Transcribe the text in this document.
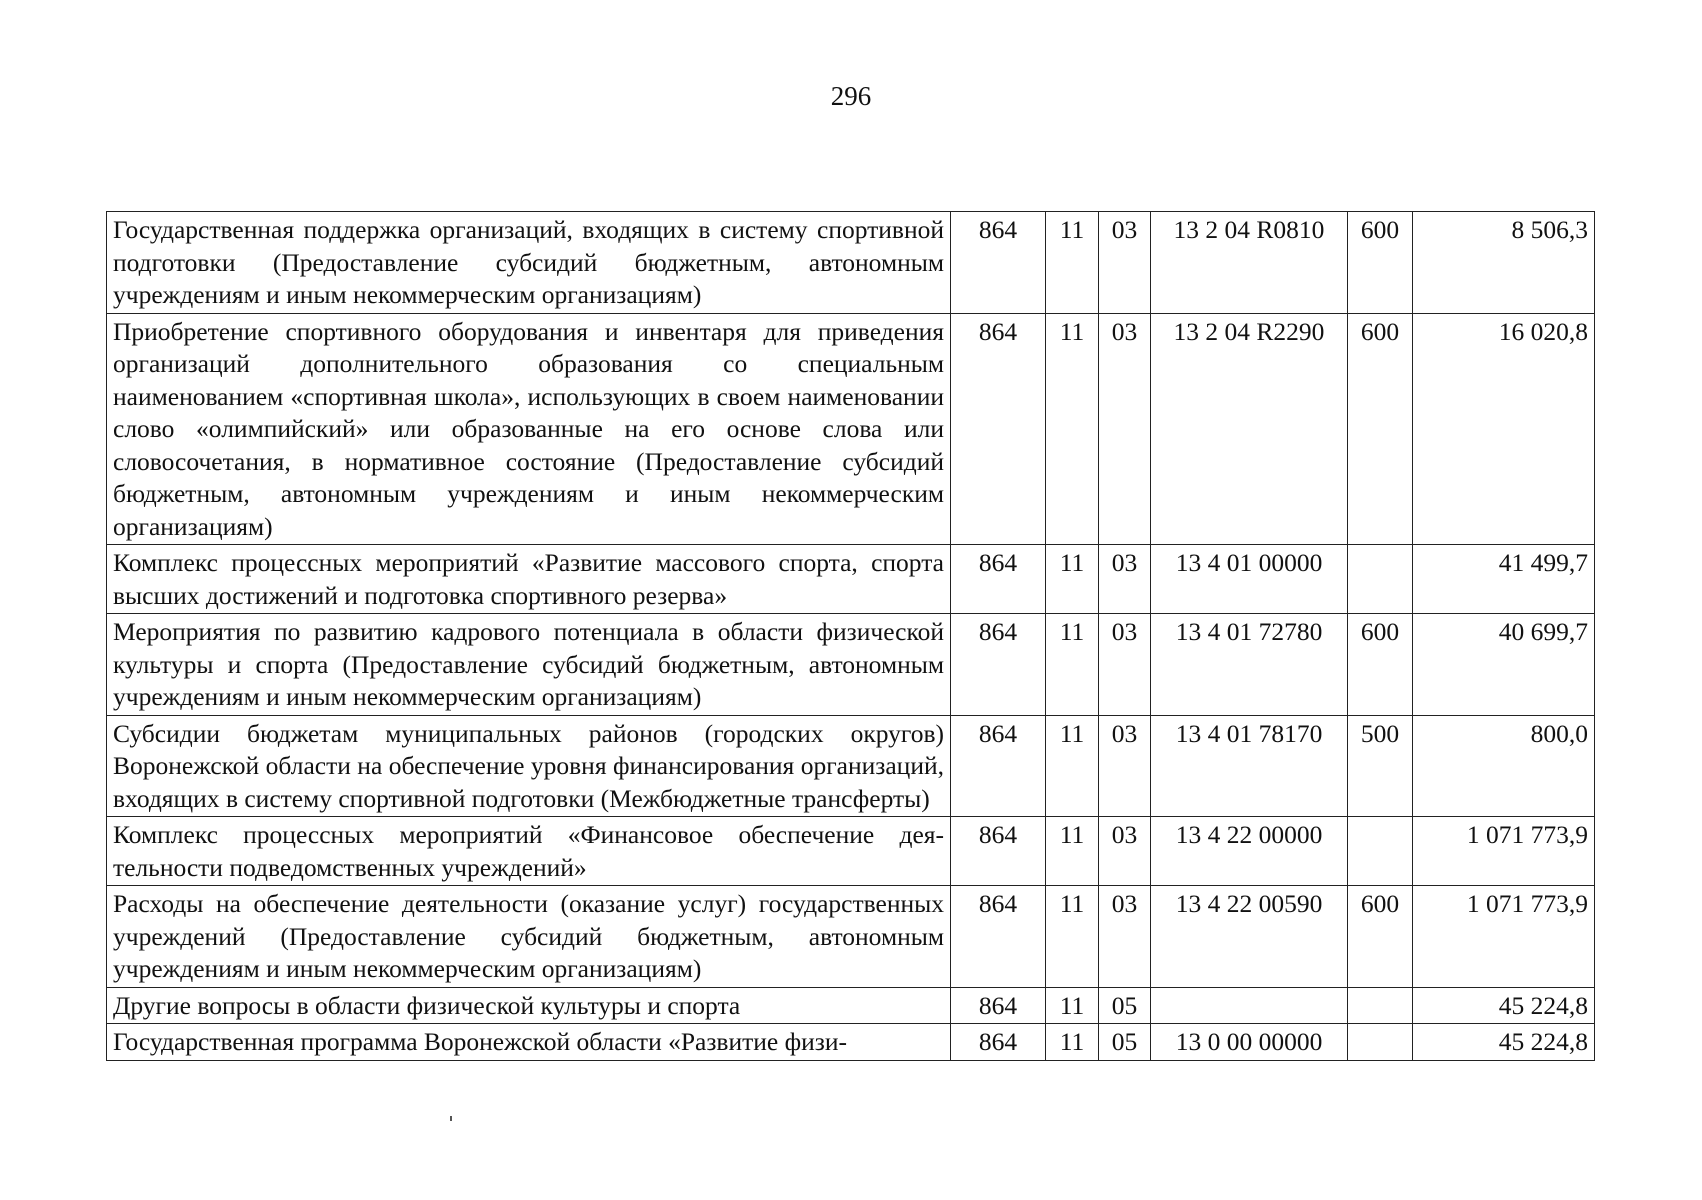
296
Государственная поддержка организаций, входящих в систему спортивной подготовки (Предоставление субсидий бюджетным, автономным учреждениям и иным некоммерческим организациям)	864	11	03	13 2 04 R0810	600	8 506,3
Приобретение спортивного оборудования и инвентаря для приведения организаций дополнительного образования со специальным наименованием «спортивная школа», использующих в своем наименовании слово «олимпийский» или образованные на его основе слова или словосочетания, в нормативное состояние (Предоставление субсидий бюджетным, автономным учреждениям и иным некоммерческим организациям)	864	11	03	13 2 04 R2290	600	16 020,8
Комплекс процессных мероприятий «Развитие массового спорта, спорта высших достижений и подготовка спортивного резерва»	864	11	03	13 4 01 00000		41 499,7
Мероприятия по развитию кадрового потенциала в области физической культуры и спорта (Предоставление субсидий бюджетным, автономным учреждениям и иным некоммерческим организациям)	864	11	03	13 4 01 72780	600	40 699,7
Субсидии бюджетам муниципальных районов (городских округов) Воронежской области на обеспечение уровня финансирования организаций, входящих в систему спортивной подготовки (Межбюджетные трансферты)	864	11	03	13 4 01 78170	500	800,0
Комплекс процессных мероприятий «Финансовое обеспечение деятельности подведомственных учреждений»	864	11	03	13 4 22 00000		1 071 773,9
Расходы на обеспечение деятельности (оказание услуг) государственных учреждений (Предоставление субсидий бюджетным, автономным учреждениям и иным некоммерческим организациям)	864	11	03	13 4 22 00590	600	1 071 773,9
Другие вопросы в области физической культуры и спорта	864	11	05			45 224,8
Государственная программа Воронежской области «Развитие физи-	864	11	05	13 0 00 00000		45 224,8
